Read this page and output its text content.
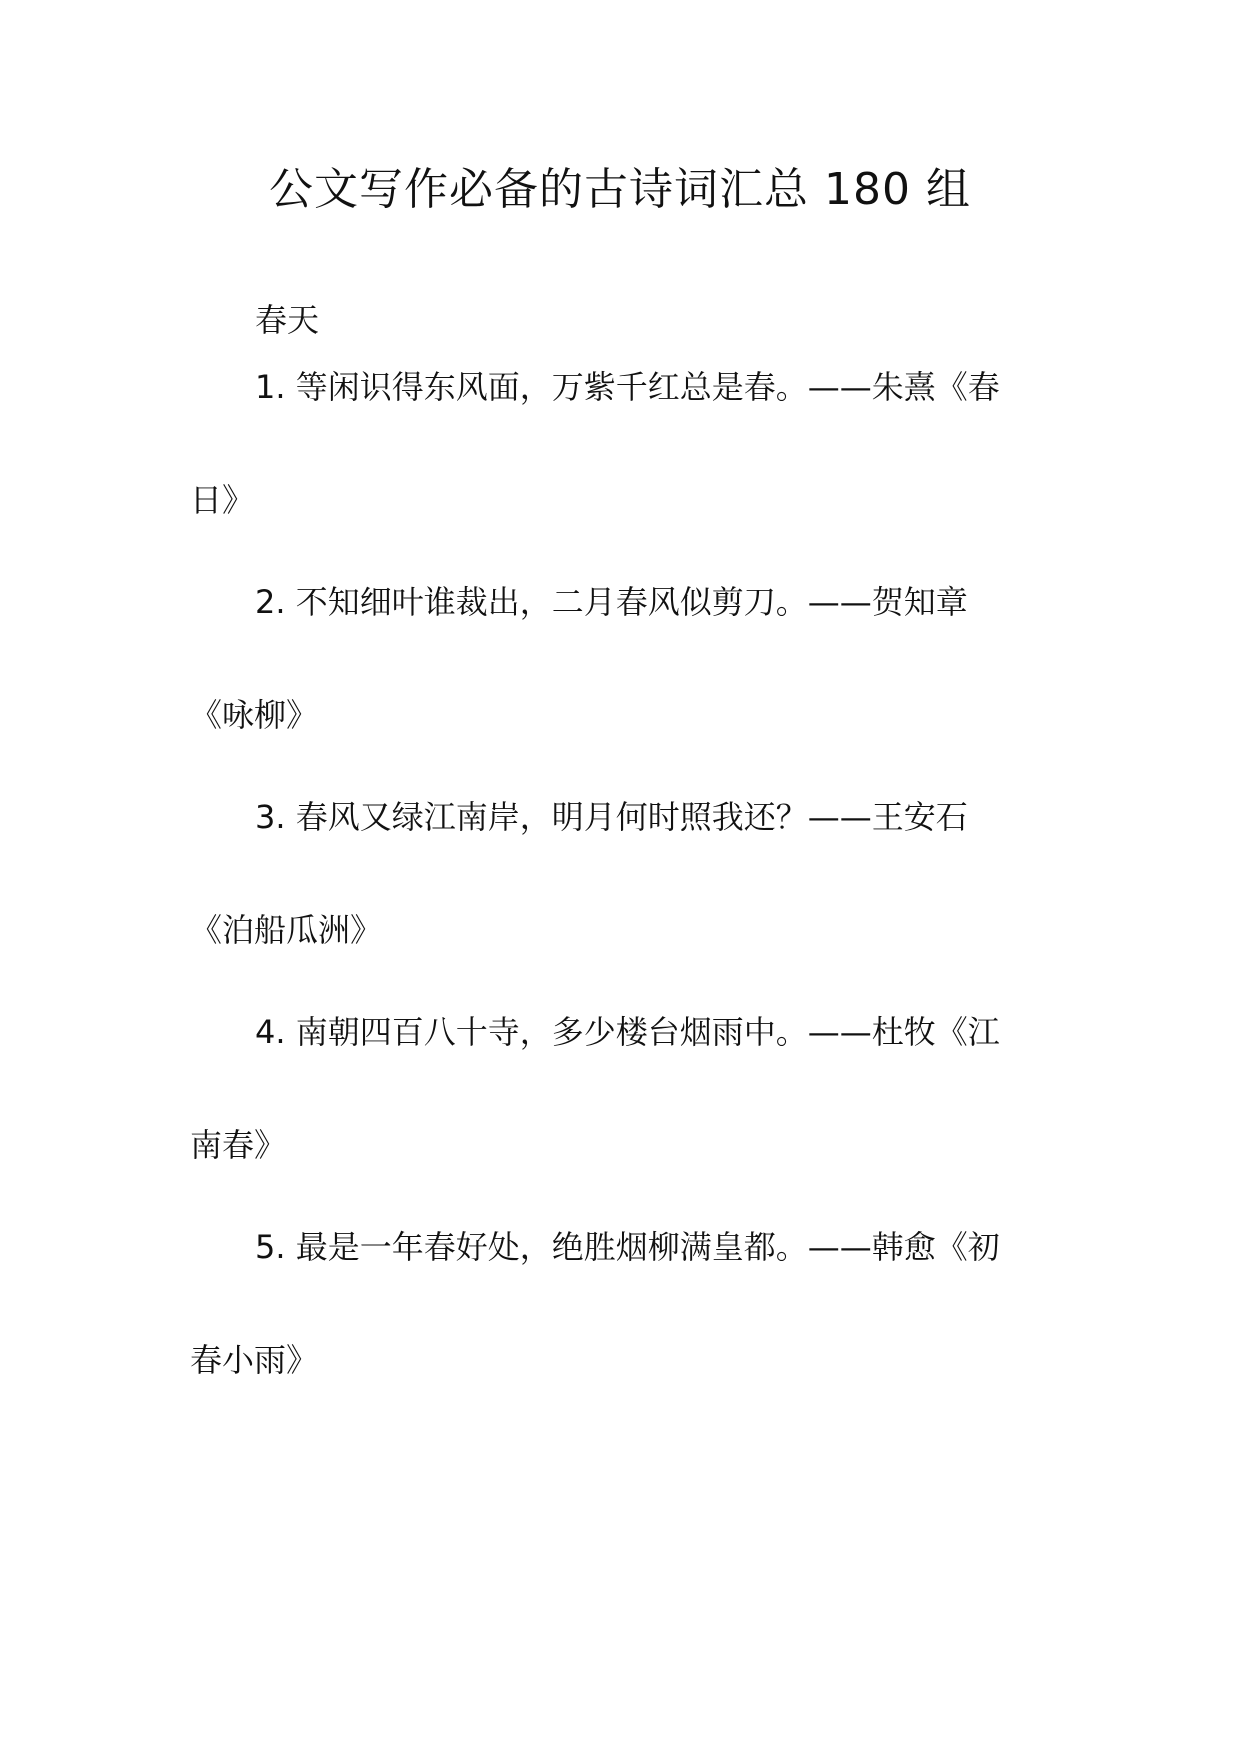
公文写作必备的古诗词汇总 180 组
春天
1. 等闲识得东风面，万紫千红总是春。——朱熹《春
日》
2. 不知细叶谁裁出，二月春风似剪刀。——贺知章
《咏柳》
3. 春风又绿江南岸，明月何时照我还？——王安石
《泊船瓜洲》
4. 南朝四百八十寺，多少楼台烟雨中。——杜牧《江
南春》
5. 最是一年春好处，绝胜烟柳满皇都。——韩愈《初
春小雨》
